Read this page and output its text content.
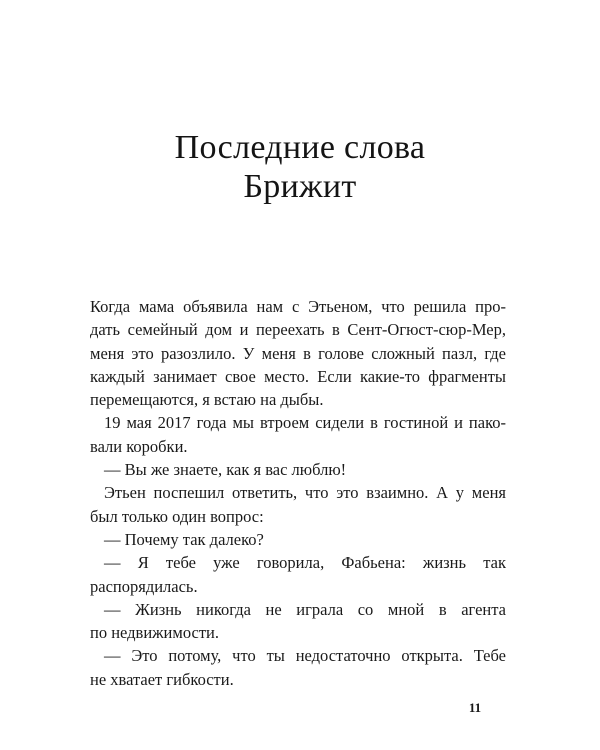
Последние слова
Брижит
Когда мама объявила нам с Этьеном, что решила про-
дать семейный дом и переехать в Сент-Огюст-сюр-Мер,
меня это разозлило. У меня в голове сложный пазл, где
каждый занимает свое место. Если какие-то фрагменты
перемещаются, я встаю на дыбы.
19 мая 2017 года мы втроем сидели в гостиной и пако-
вали коробки.
— Вы же знаете, как я вас люблю!
Этьен поспешил ответить, что это взаимно. А у меня
был только один вопрос:
— Почему так далеко?
— Я тебе уже говорила, Фабьена: жизнь так
распорядилась.
— Жизнь никогда не играла со мной в агента
по недвижимости.
— Это потому, что ты недостаточно открыта. Тебе
не хватает гибкости.
11
